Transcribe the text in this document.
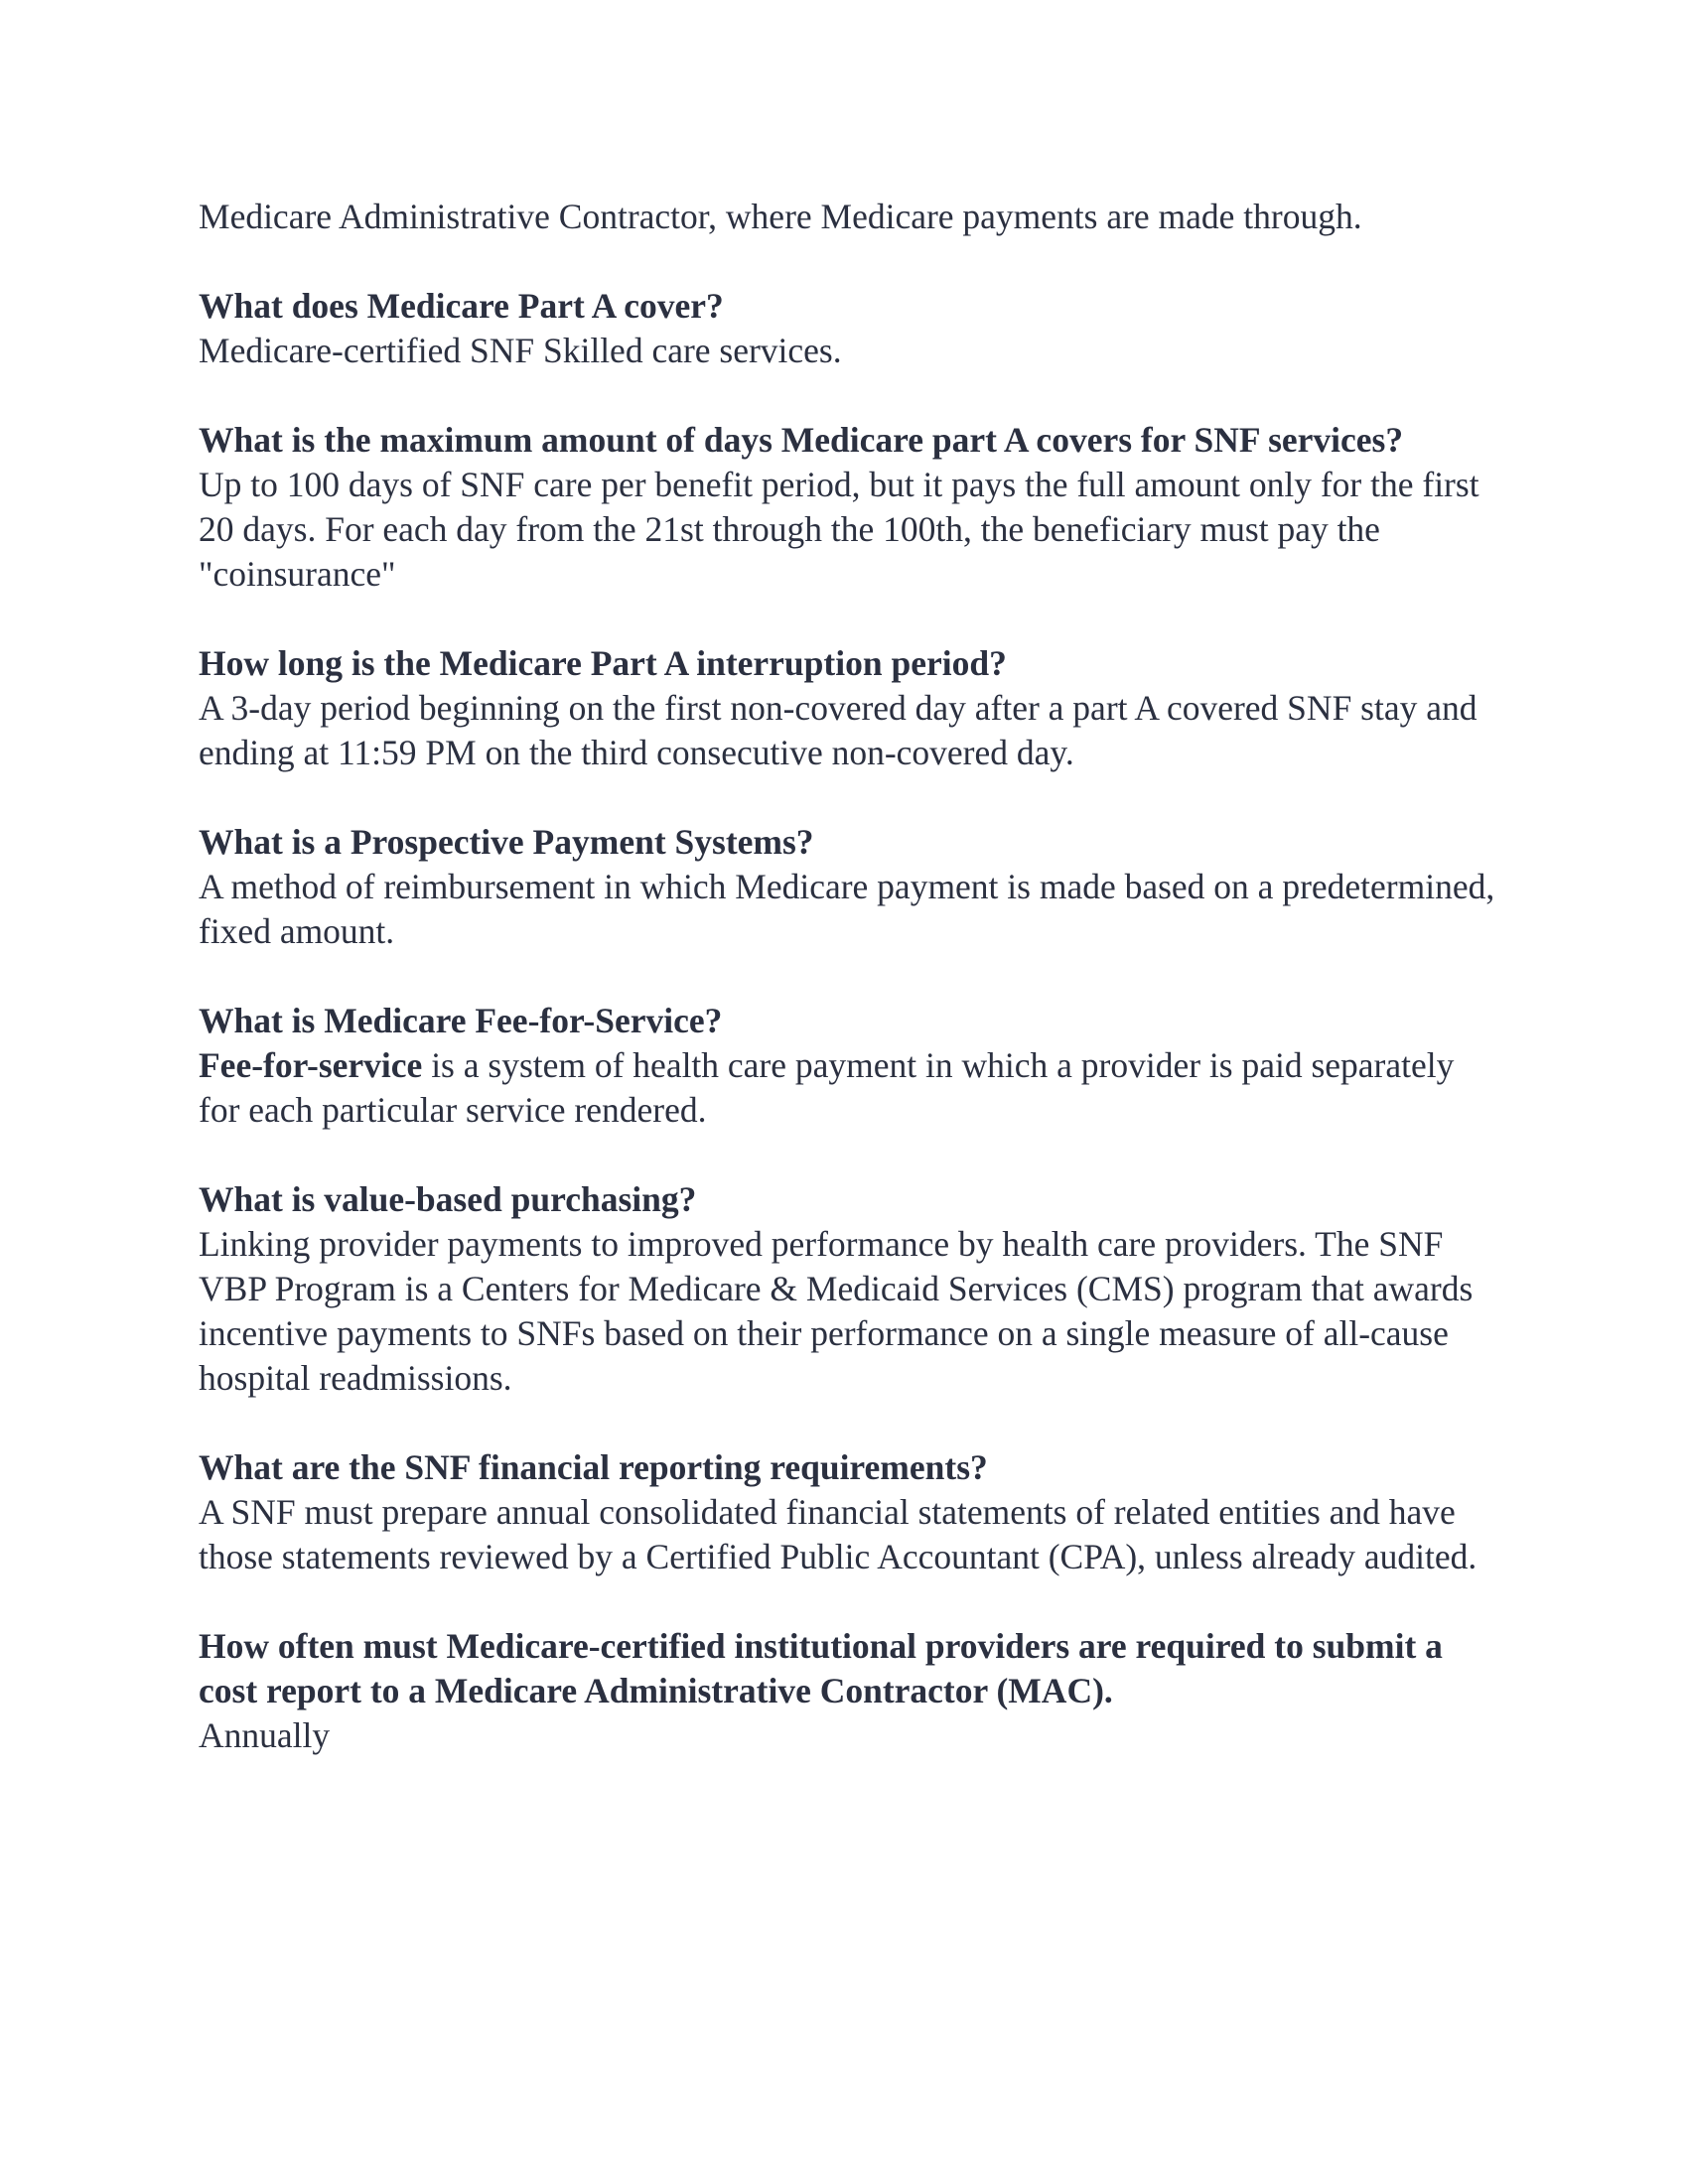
Medicare Administrative Contractor, where Medicare payments are made through.

What does Medicare Part A cover?

Medicare-certified SNF Skilled care services.

What is the maximum amount of days Medicare part A covers for SNF services?

Up to 100 days of SNF care per benefit period, but it pays the full amount only for the first 20 days. For each day from the 21st through the 100th, the beneficiary must pay the "coinsurance"

How long is the Medicare Part A interruption period?

A 3-day period beginning on the first non-covered day after a part A covered SNF stay and ending at 11:59 PM on the third consecutive non-covered day.

What is a Prospective Payment Systems?

A method of reimbursement in which Medicare payment is made based on a predetermined, fixed amount.

What is Medicare Fee-for-Service?

Fee-for-service is a system of health care payment in which a provider is paid separately for each particular service rendered.

What is value-based purchasing?

Linking provider payments to improved performance by health care providers. The SNF VBP Program is a Centers for Medicare & Medicaid Services (CMS) program that awards incentive payments to SNFs based on their performance on a single measure of all-cause hospital readmissions.

What are the SNF financial reporting requirements?

A SNF must prepare annual consolidated financial statements of related entities and have those statements reviewed by a Certified Public Accountant (CPA), unless already audited.

How often must Medicare-certified institutional providers are required to submit a cost report to a Medicare Administrative Contractor (MAC).

Annually
